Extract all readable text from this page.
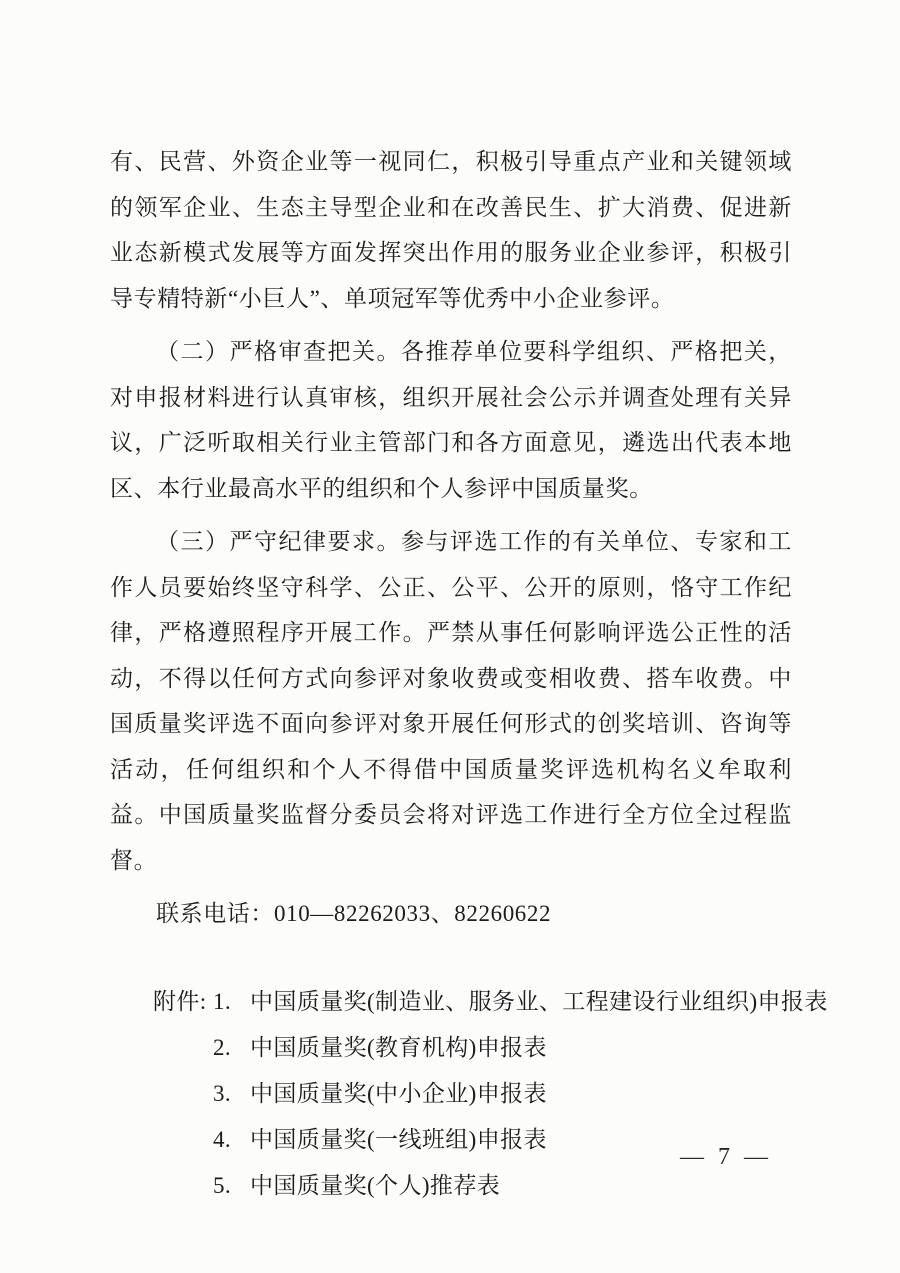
有、民营、外资企业等一视同仁，积极引导重点产业和关键领域的领军企业、生态主导型企业和在改善民生、扩大消费、促进新业态新模式发展等方面发挥突出作用的服务业企业参评，积极引导专精特新“小巨人”、单项冠军等优秀中小企业参评。

（二）严格审查把关。各推荐单位要科学组织、严格把关，对申报材料进行认真审核，组织开展社会公示并调查处理有关异议，广泛听取相关行业主管部门和各方面意见，遴选出代表本地区、本行业最高水平的组织和个人参评中国质量奖。

（三）严守纪律要求。参与评选工作的有关单位、专家和工作人员要始终坚守科学、公正、公平、公开的原则，恪守工作纪律，严格遵照程序开展工作。严禁从事任何影响评选公正性的活动，不得以任何方式向参评对象收费或变相收费、搭车收费。中国质量奖评选不面向参评对象开展任何形式的创奖培训、咨询等活动，任何组织和个人不得借中国质量奖评选机构名义牟取利益。中国质量奖监督分委员会将对评选工作进行全方位全过程监督。

联系电话：010—82262033、82260622

附件: 1. 中国质量奖(制造业、服务业、工程建设行业组织)申报表
2. 中国质量奖(教育机构)申报表
3. 中国质量奖(中小企业)申报表
4. 中国质量奖(一线班组)申报表
5. 中国质量奖(个人)推荐表
— 7 —
